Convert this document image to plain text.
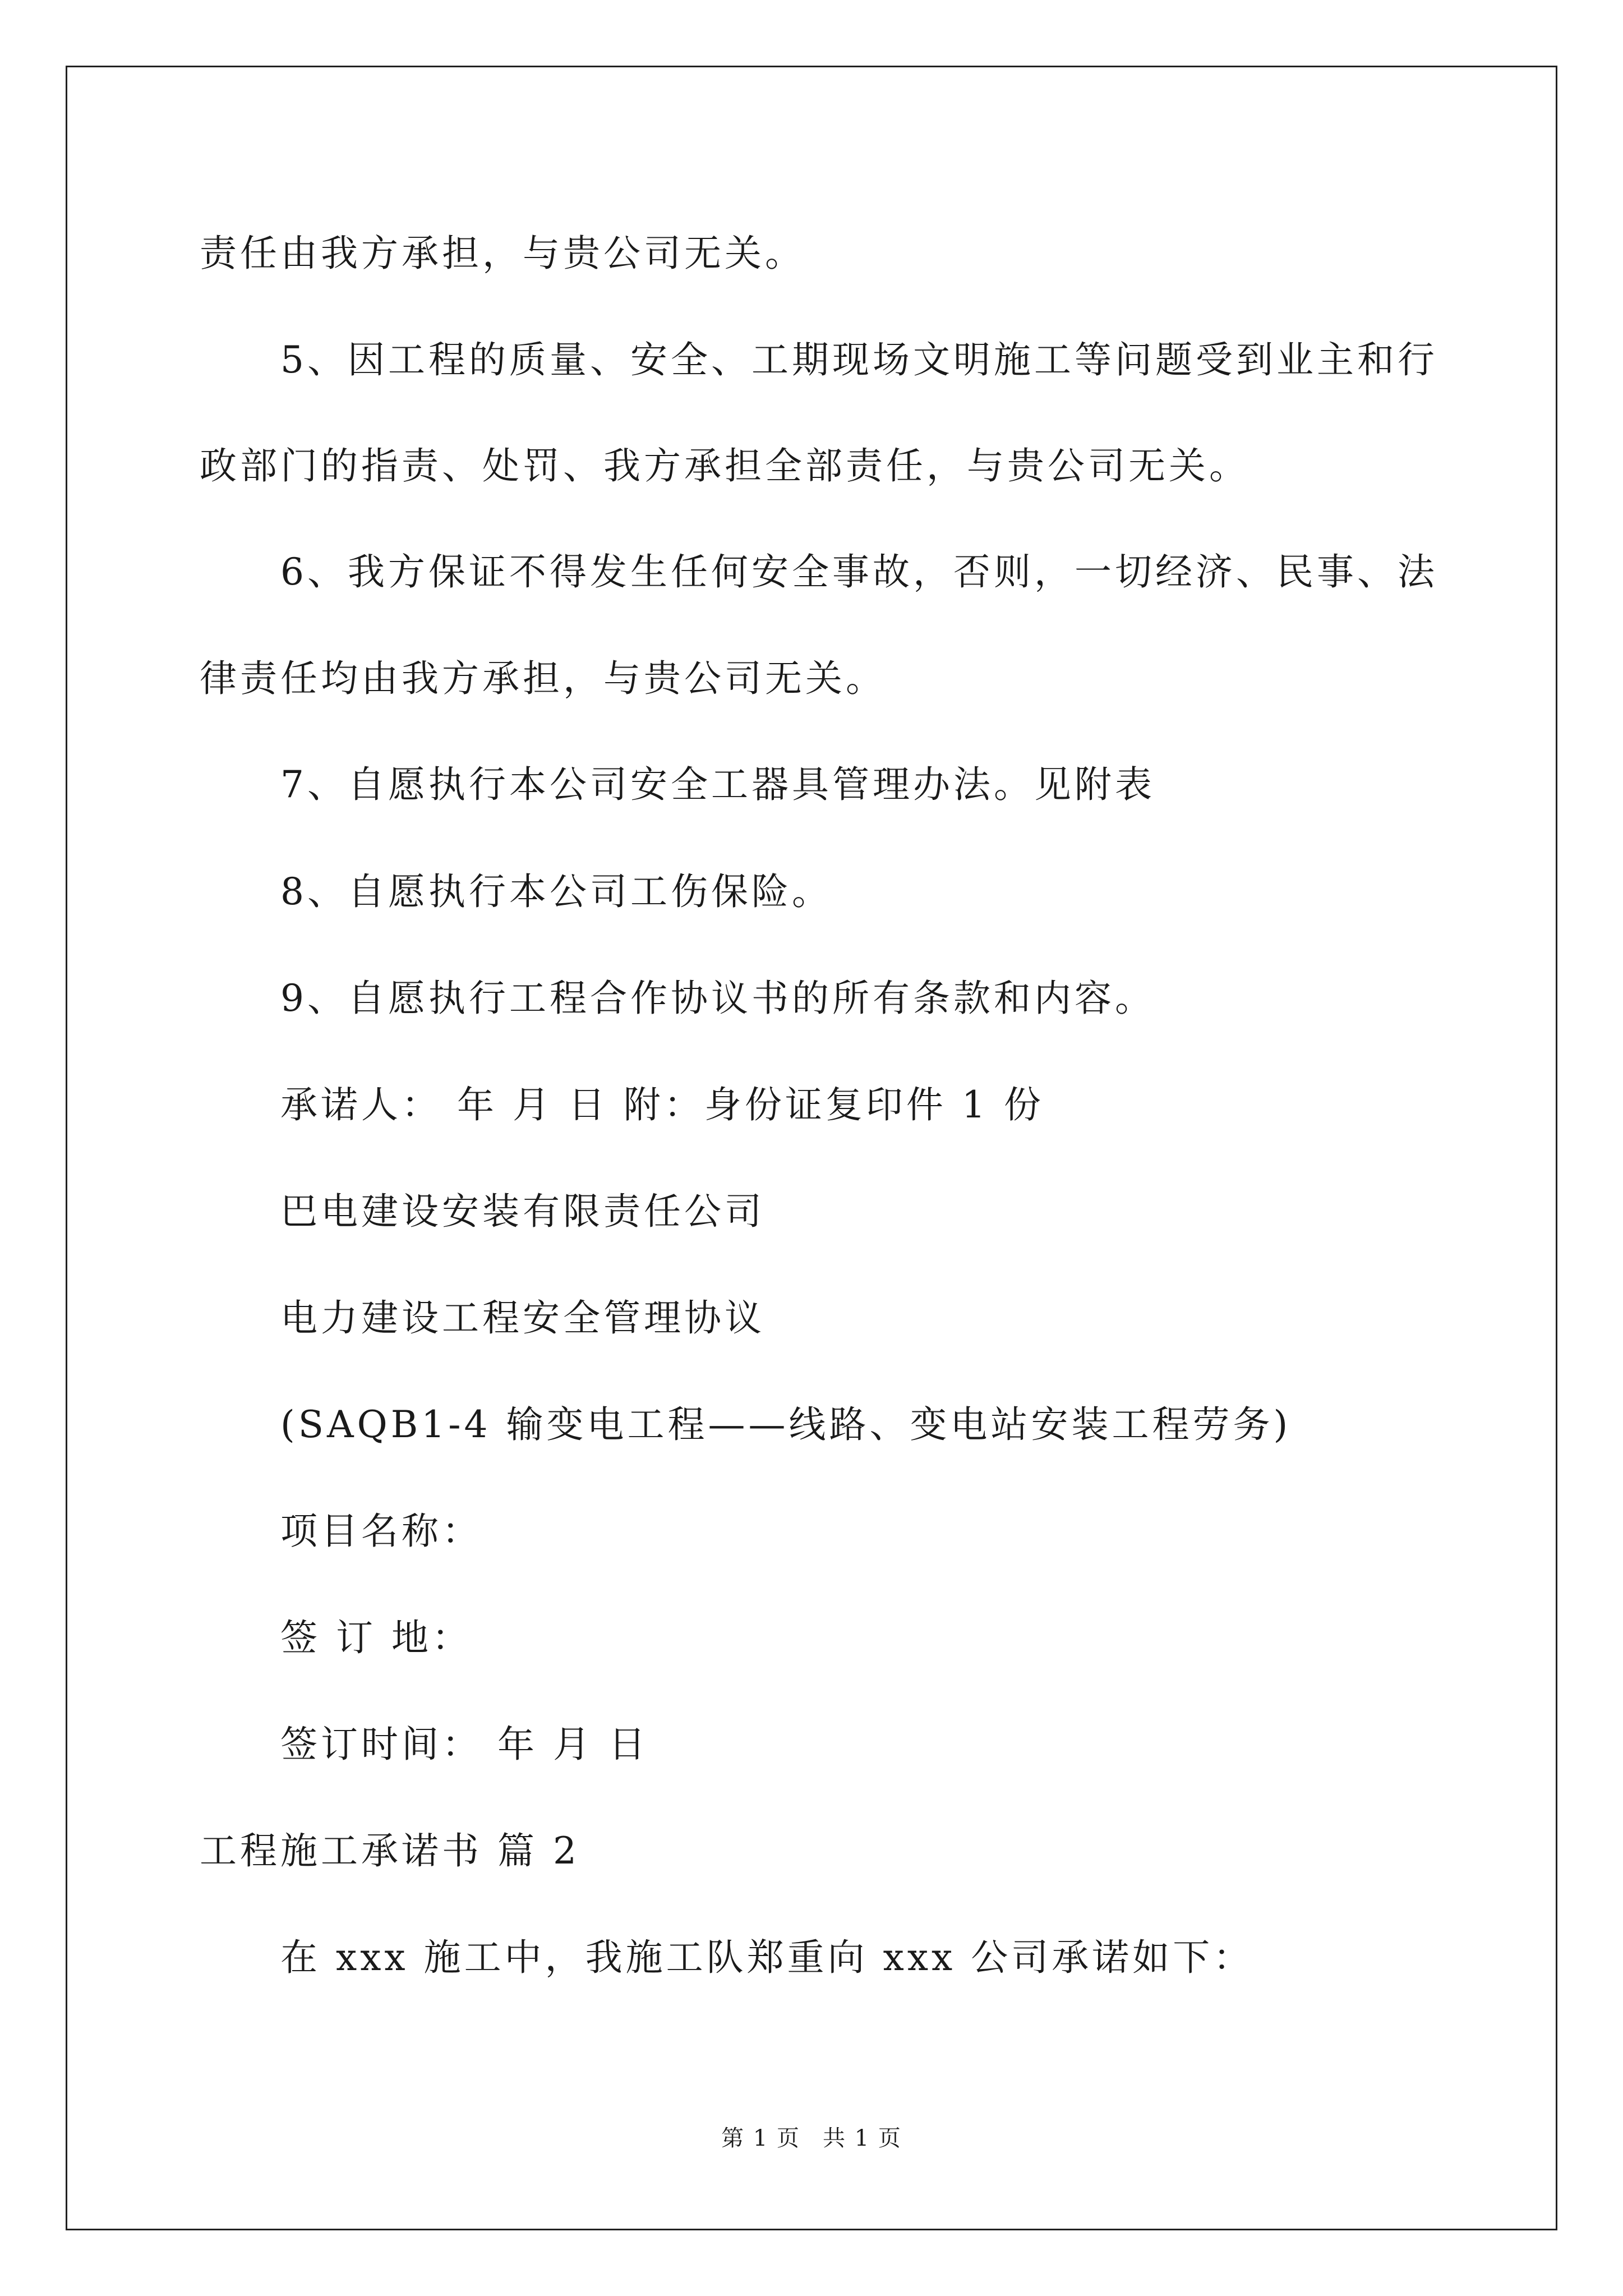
责任由我方承担，与贵公司无关。
5、因工程的质量、安全、工期现场文明施工等问题受到业主和行
政部门的指责、处罚、我方承担全部责任，与贵公司无关。
6、我方保证不得发生任何安全事故，否则，一切经济、民事、法
律责任均由我方承担，与贵公司无关。
7、自愿执行本公司安全工器具管理办法。见附表
8、自愿执行本公司工伤保险。
9、自愿执行工程合作协议书的所有条款和内容。
承诺人： 年 月 日 附：身份证复印件 1 份
巴电建设安装有限责任公司
电力建设工程安全管理协议
(SAQB1-4 输变电工程——线路、变电站安装工程劳务)
项目名称：
签 订 地：
签订时间： 年 月 日
工程施工承诺书 篇 2
在 xxx 施工中，我施工队郑重向 xxx 公司承诺如下：
第 1 页 共 1 页
